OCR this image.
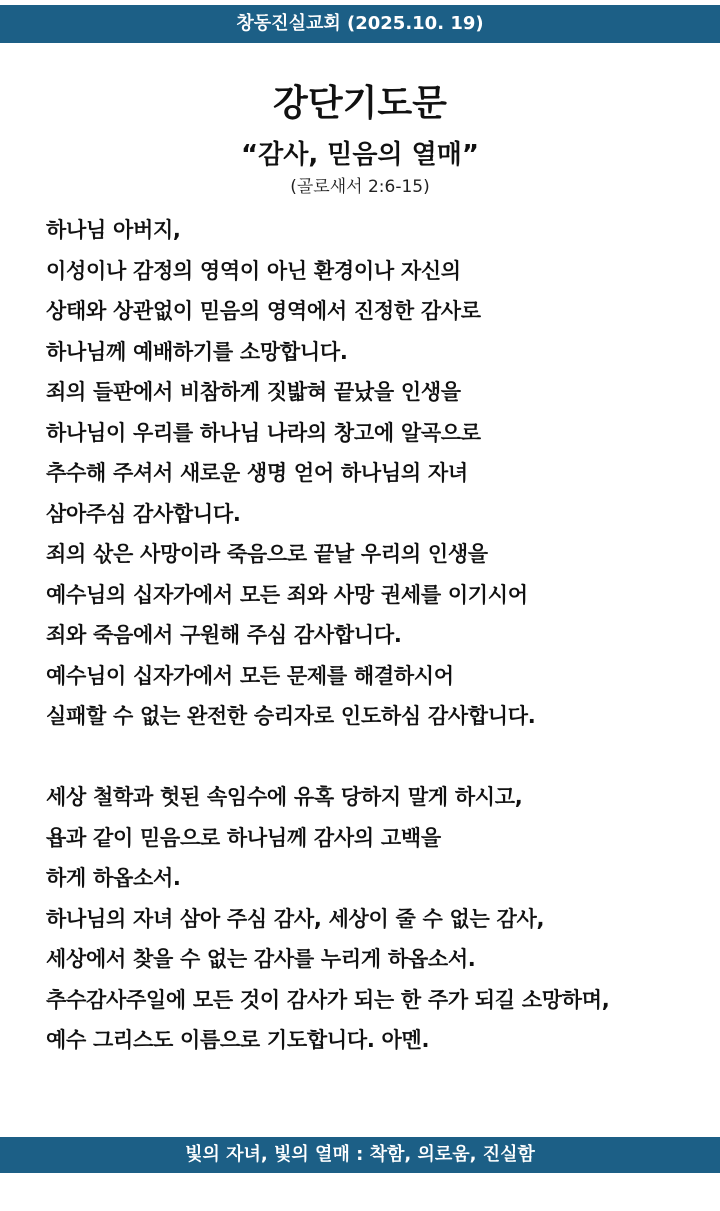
창동진실교회 (2025.10. 19)
강단기도문
“감사, 믿음의 열매”
(골로새서 2:6-15)
하나님 아버지,
이성이나 감정의 영역이 아닌 환경이나 자신의
상태와 상관없이 믿음의 영역에서 진정한 감사로
하나님께 예배하기를 소망합니다.
죄의 들판에서 비참하게 짓밟혀 끝났을 인생을
하나님이 우리를 하나님 나라의 창고에 알곡으로
추수해 주셔서 새로운 생명 얻어 하나님의 자녀
삼아주심 감사합니다.
죄의 삯은 사망이라 죽음으로 끝날 우리의 인생을
예수님의 십자가에서 모든 죄와 사망 권세를 이기시어
죄와 죽음에서 구원해 주심 감사합니다.
예수님이 십자가에서 모든 문제를 해결하시어
실패할 수 없는 완전한 승리자로 인도하심 감사합니다.
세상 철학과 헛된 속임수에 유혹 당하지 말게 하시고,
욥과 같이 믿음으로 하나님께 감사의 고백을
하게 하옵소서.
하나님의 자녀 삼아 주심 감사, 세상이 줄 수 없는 감사,
세상에서 찾을 수 없는 감사를 누리게 하옵소서.
추수감사주일에 모든 것이 감사가 되는 한 주가 되길 소망하며,
예수 그리스도 이름으로 기도합니다. 아멘.
빛의 자녀, 빛의 열매 : 착함, 의로움, 진실함
